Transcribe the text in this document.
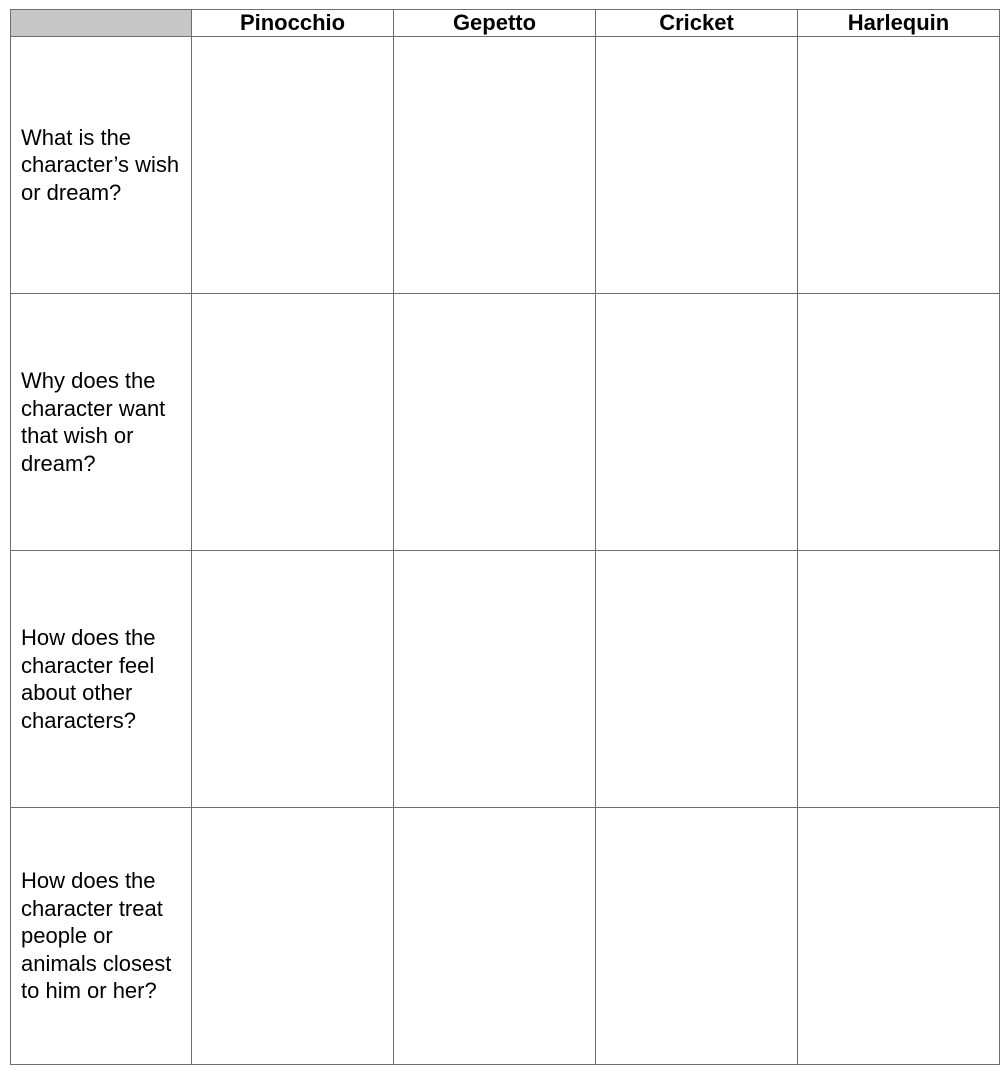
	Pinocchio	Gepetto	Cricket	Harlequin
What is the character’s wish or dream?				
Why does the character want that wish or dream?				
How does the character feel about other characters?				
How does the character treat people or animals closest to him or her?				
